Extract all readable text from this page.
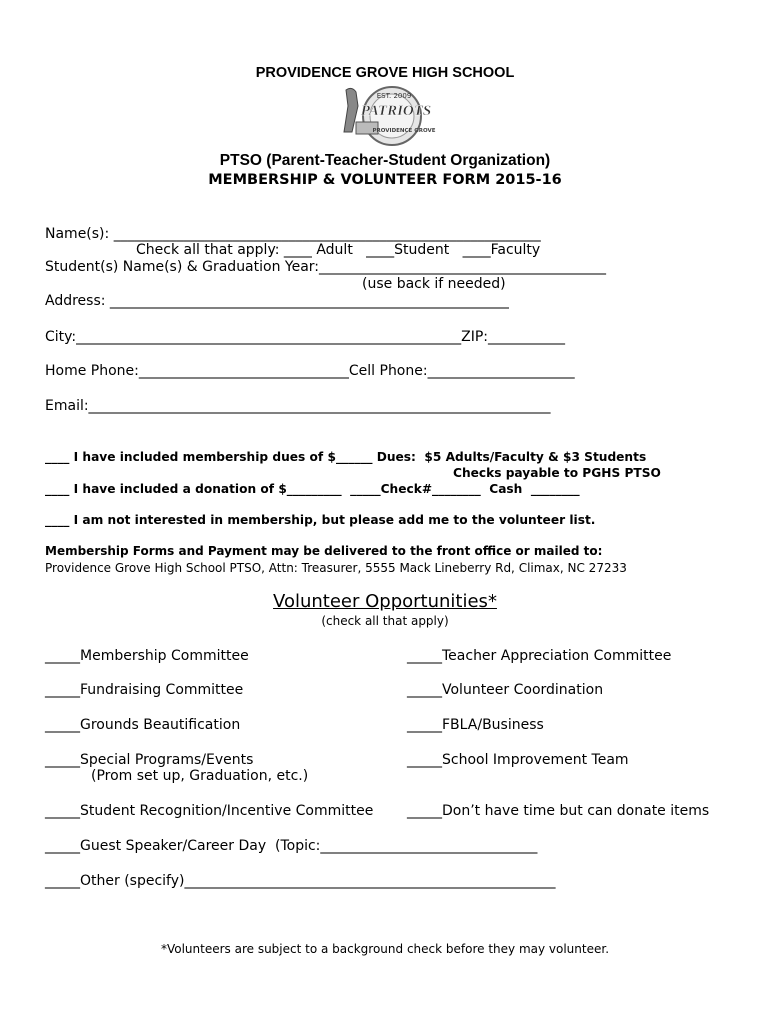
PROVIDENCE GROVE HIGH SCHOOL
EST. 2009
PATRIOTS
PROVIDENCE GROVE
PTSO (Parent-Teacher-Student Organization)
MEMBERSHIP & VOLUNTEER FORM 2015-16
Name(s): _____________________________________________________________
Check all that apply: ____ Adult   ____Student   ____Faculty
Student(s) Name(s) & Graduation Year:_________________________________________
(use back if needed)
Address: _________________________________________________________
City:_______________________________________________________ZIP:___________
Home Phone:______________________________Cell Phone:_____________________
Email:__________________________________________________________________
____ I have included membership dues of $______ Dues:  $5 Adults/Faculty & $3 Students
Checks payable to PGHS PTSO
____ I have included a donation of $_________  _____Check#________  Cash  ________
____ I am not interested in membership, but please add me to the volunteer list.
Membership Forms and Payment may be delivered to the front office or mailed to:
Providence Grove High School PTSO, Attn: Treasurer, 5555 Mack Lineberry Rd, Climax, NC 27233
Volunteer Opportunities*
(check all that apply)
_____Membership Committee	_____Teacher Appreciation Committee
_____Fundraising Committee	_____Volunteer Coordination
_____Grounds Beautification	_____FBLA/Business
_____Special Programs/Events	_____School Improvement Team
(Prom set up, Graduation, etc.)
_____Student Recognition/Incentive Committee _____Don’t have time but can donate items
_____Guest Speaker/Career Day  (Topic:_______________________________
_____Other (specify)_____________________________________________________
*Volunteers are subject to a background check before they may volunteer.
